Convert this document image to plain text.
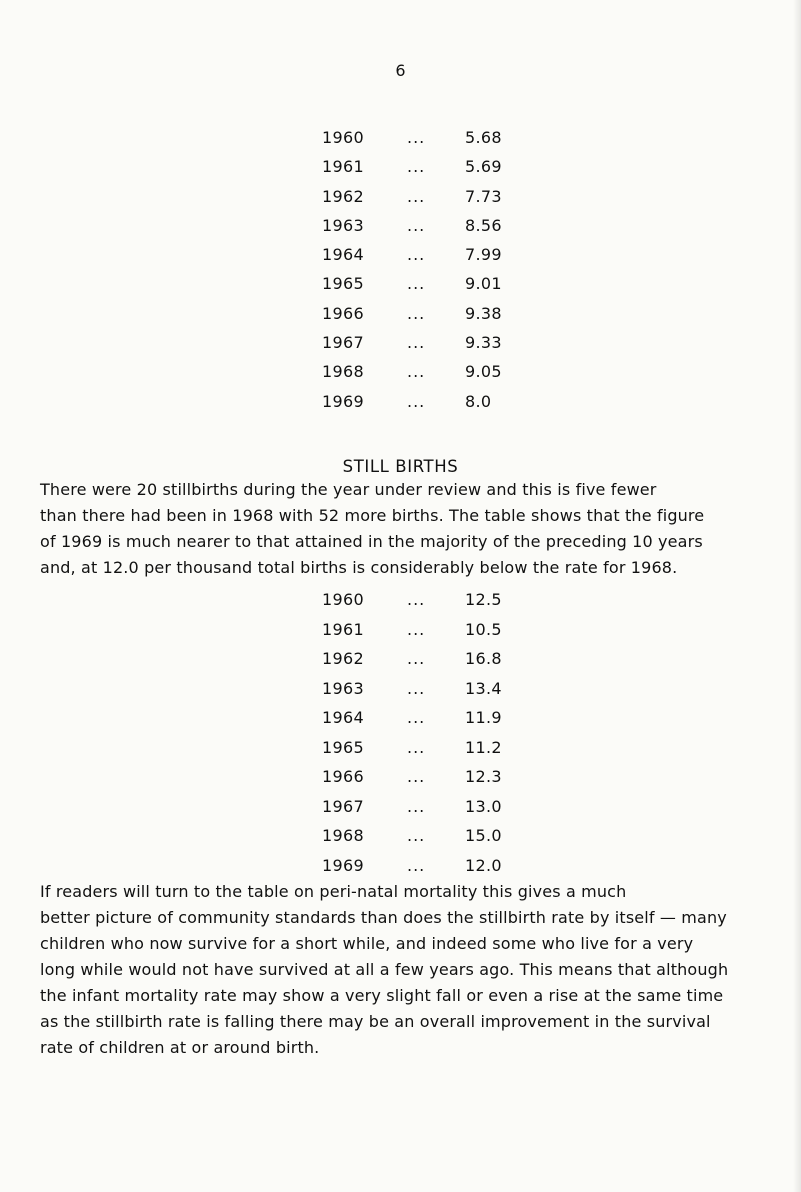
6
1960	... 5.68
1961	... 5.69
1962	... 7.73
1963	... 8.56
1964	... 7.99
1965	... 9.01
1966	... 9.38
1967	... 9.33
1968	... 9.05
1969	... 8.0
STILL BIRTHS
There were 20 stillbirths during the year under review and this is five fewer
than there had been in 1968 with 52 more births. The table shows that the figure
of 1969 is much nearer to that attained in the majority of the preceding 10 years
and, at 12.0 per thousand total births is considerably below the rate for 1968.
1960	... 12.5
1961	... 10.5
1962	... 16.8
1963	... 13.4
1964	... 11.9
1965	... 11.2
1966	... 12.3
1967	... 13.0
1968	... 15.0
1969	... 12.0
If readers will turn to the table on peri-natal mortality this gives a much
better picture of community standards than does the stillbirth rate by itself — many
children who now survive for a short while, and indeed some who live for a very
long while would not have survived at all a few years ago. This means that although
the infant mortality rate may show a very slight fall or even a rise at the same time
as the stillbirth rate is falling there may be an overall improvement in the survival
rate of children at or around birth.
